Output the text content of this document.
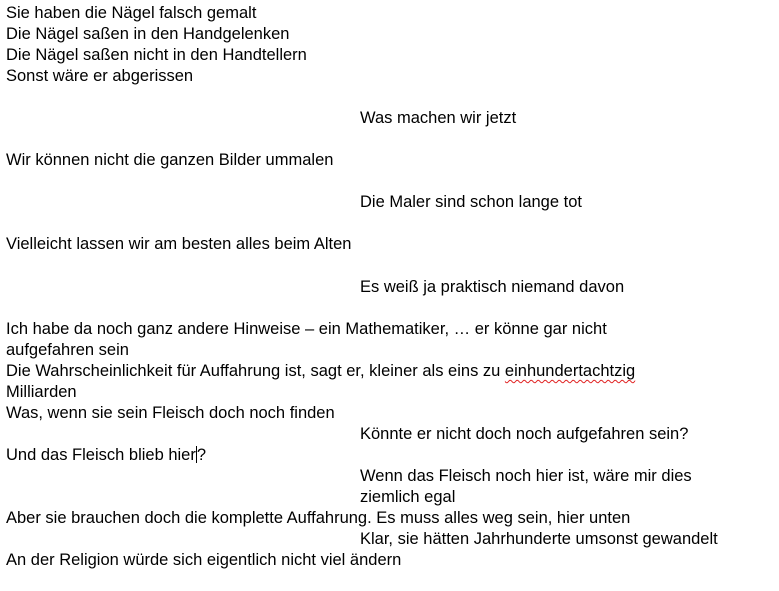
Sie haben die Nägel falsch gemalt
Die Nägel saßen in den Handgelenken
Die Nägel saßen nicht in den Handtellern
Sonst wäre er abgerissen
Was machen wir jetzt
Wir können nicht die ganzen Bilder ummalen
Die Maler sind schon lange tot
Vielleicht lassen wir am besten alles beim Alten
Es weiß ja praktisch niemand davon
Ich habe da noch ganz andere Hinweise – ein Mathematiker, … er könne gar nicht
aufgefahren sein
Die Wahrscheinlichkeit für Auffahrung ist, sagt er, kleiner als eins zu einhundertachtzig
Milliarden
Was, wenn sie sein Fleisch doch noch finden
Könnte er nicht doch noch aufgefahren sein?
Und das Fleisch blieb hier?
Wenn das Fleisch noch hier ist, wäre mir dies
ziemlich egal
Aber sie brauchen doch die komplette Auffahrung. Es muss alles weg sein, hier unten
Klar, sie hätten Jahrhunderte umsonst gewandelt
An der Religion würde sich eigentlich nicht viel ändern
